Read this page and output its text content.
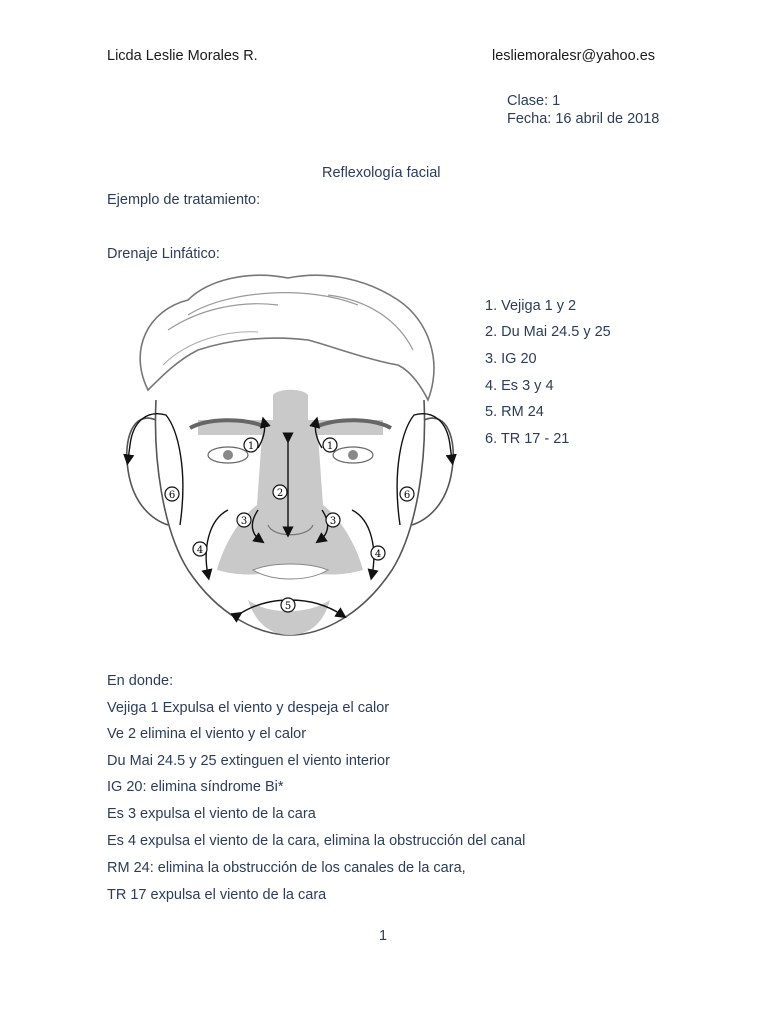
Licda Leslie Morales R.	lesliemoralesr@yahoo.es
Clase: 1
Fecha: 16 abril de 2018
Reflexología facial
Ejemplo de tratamiento:
Drenaje Linfático:
1	1
2
3	3
4	4
5
6	6
1. Vejiga 1 y 2
2. Du Mai 24.5 y 25
3. IG 20
4. Es 3 y 4
5. RM 24
6. TR 17 - 21
En donde:
Vejiga 1 Expulsa el viento y despeja el calor
Ve 2 elimina el viento y el calor
Du Mai 24.5 y 25 extinguen el viento interior
IG 20: elimina síndrome Bi*
Es 3 expulsa el viento de la cara
Es 4 expulsa el viento de la cara, elimina la obstrucción del canal
RM 24: elimina la obstrucción de los canales de la cara,
TR 17 expulsa el viento de la cara
1
